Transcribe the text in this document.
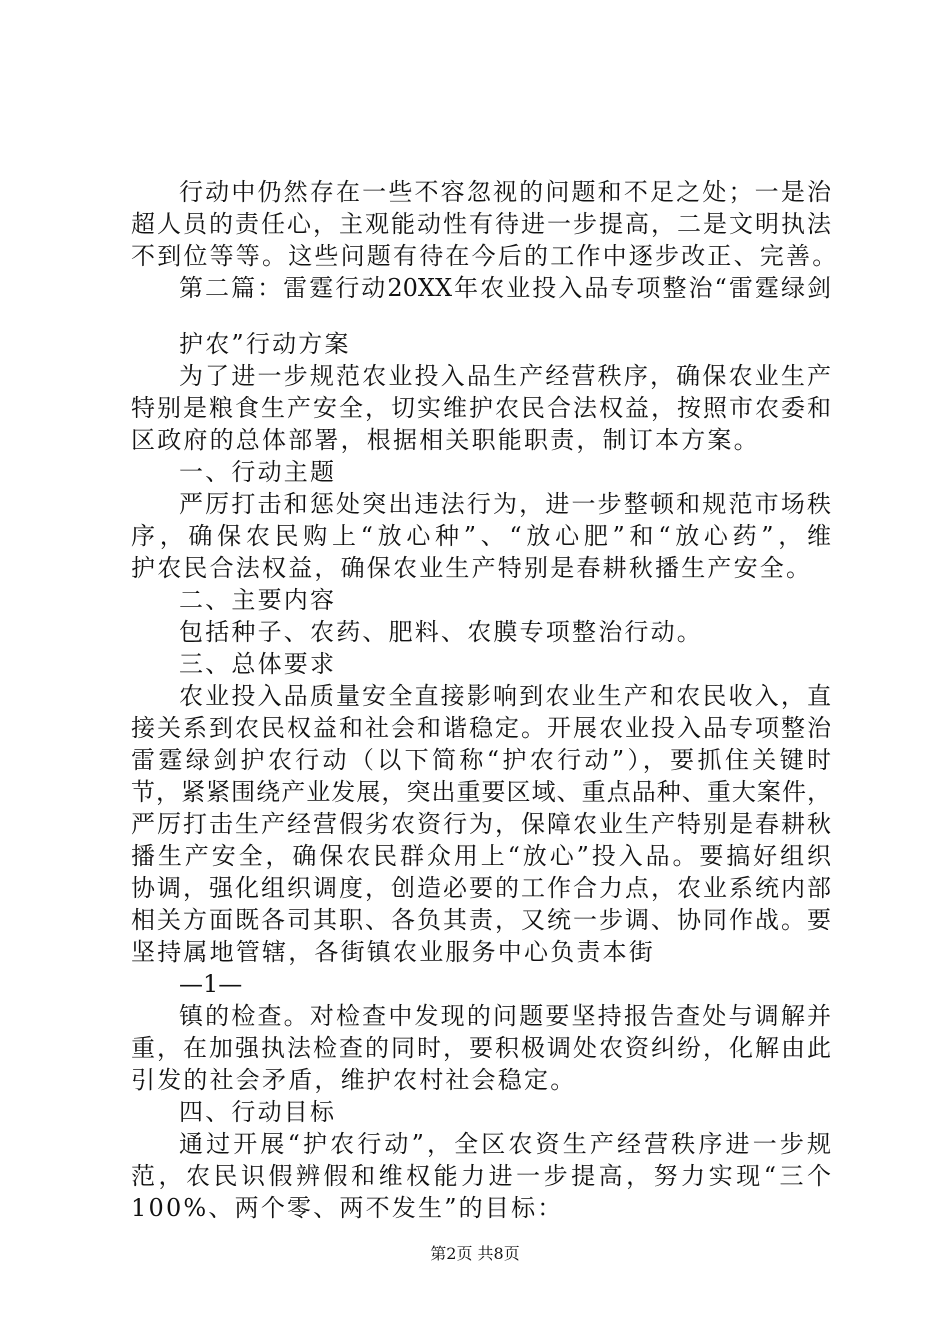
行动中仍然存在一些不容忽视的问题和不足之处；一是治
超人员的责任心，主观能动性有待进一步提高，二是文明执法
不到位等等。这些问题有待在今后的工作中逐步改正、完善。
第二篇：雷霆行动20XX年农业投入品专项整治“雷霆绿剑
护农”行动方案
为了进一步规范农业投入品生产经营秩序，确保农业生产
特别是粮食生产安全，切实维护农民合法权益，按照市农委和
区政府的总体部署，根据相关职能职责，制订本方案。
一、行动主题
严厉打击和惩处突出违法行为，进一步整顿和规范市场秩
序，确保农民购上“放心种”、“放心肥”和“放心药”，维
护农民合法权益，确保农业生产特别是春耕秋播生产安全。
二、主要内容
包括种子、农药、肥料、农膜专项整治行动。
三、总体要求
农业投入品质量安全直接影响到农业生产和农民收入，直
接关系到农民权益和社会和谐稳定。开展农业投入品专项整治
雷霆绿剑护农行动（以下简称“护农行动”），要抓住关键时
节，紧紧围绕产业发展，突出重要区域、重点品种、重大案件，
严厉打击生产经营假劣农资行为，保障农业生产特别是春耕秋
播生产安全，确保农民群众用上“放心”投入品。要搞好组织
协调，强化组织调度，创造必要的工作合力点，农业系统内部
相关方面既各司其职、各负其责，又统一步调、协同作战。要
坚持属地管辖，各街镇农业服务中心负责本街
—1—
镇的检查。对检查中发现的问题要坚持报告查处与调解并
重，在加强执法检查的同时，要积极调处农资纠纷，化解由此
引发的社会矛盾，维护农村社会稳定。
四、行动目标
通过开展“护农行动”，全区农资生产经营秩序进一步规
范，农民识假辨假和维权能力进一步提高，努力实现“三个
100%、两个零、两不发生”的目标：
第2页 共8页
